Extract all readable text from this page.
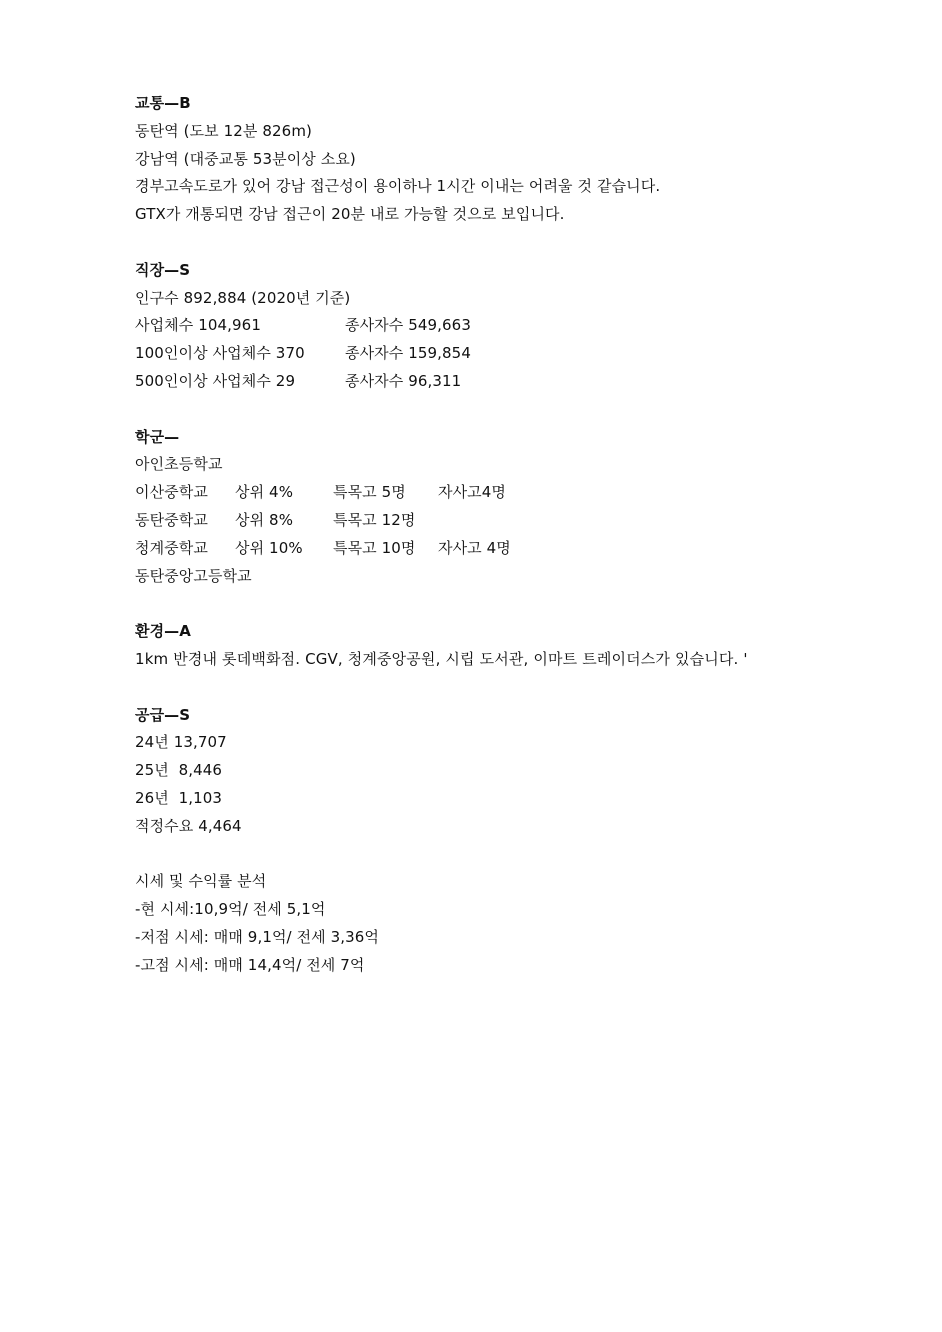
교통—B
동탄역 (도보 12분 826m)
강남역 (대중교통 53분이상 소요)
경부고속도로가 있어 강남 접근성이 용이하나 1시간 이내는 어려울 것 같습니다.
GTX가 개통되면 강남 접근이 20분 내로 가능할 것으로 보입니다.
직장—S
인구수 892,884 (2020년 기준)
사업체수 104,961	종사자수 549,663
100인이상 사업체수 370	종사자수 159,854
500인이상 사업체수 29	종사자수 96,311
학군—
아인초등학교
이산중학교	상위 4%	특목고 5명	자사고4명
동탄중학교	상위 8%	특목고 12명
청계중학교	상위 10%	특목고 10명	자사고 4명
동탄중앙고등학교
환경—A
1km 반경내 롯데백화점. CGV, 청계중앙공원, 시립 도서관, 이마트 트레이더스가 있습니다. '
공급—S
24년 13,707
25년  8,446
26년  1,103
적정수요 4,464
시세 및 수익률 분석
-현 시세:10,9억/ 전세 5,1억
-저점 시세: 매매 9,1억/ 전세 3,36억
-고점 시세: 매매 14,4억/ 전세 7억
